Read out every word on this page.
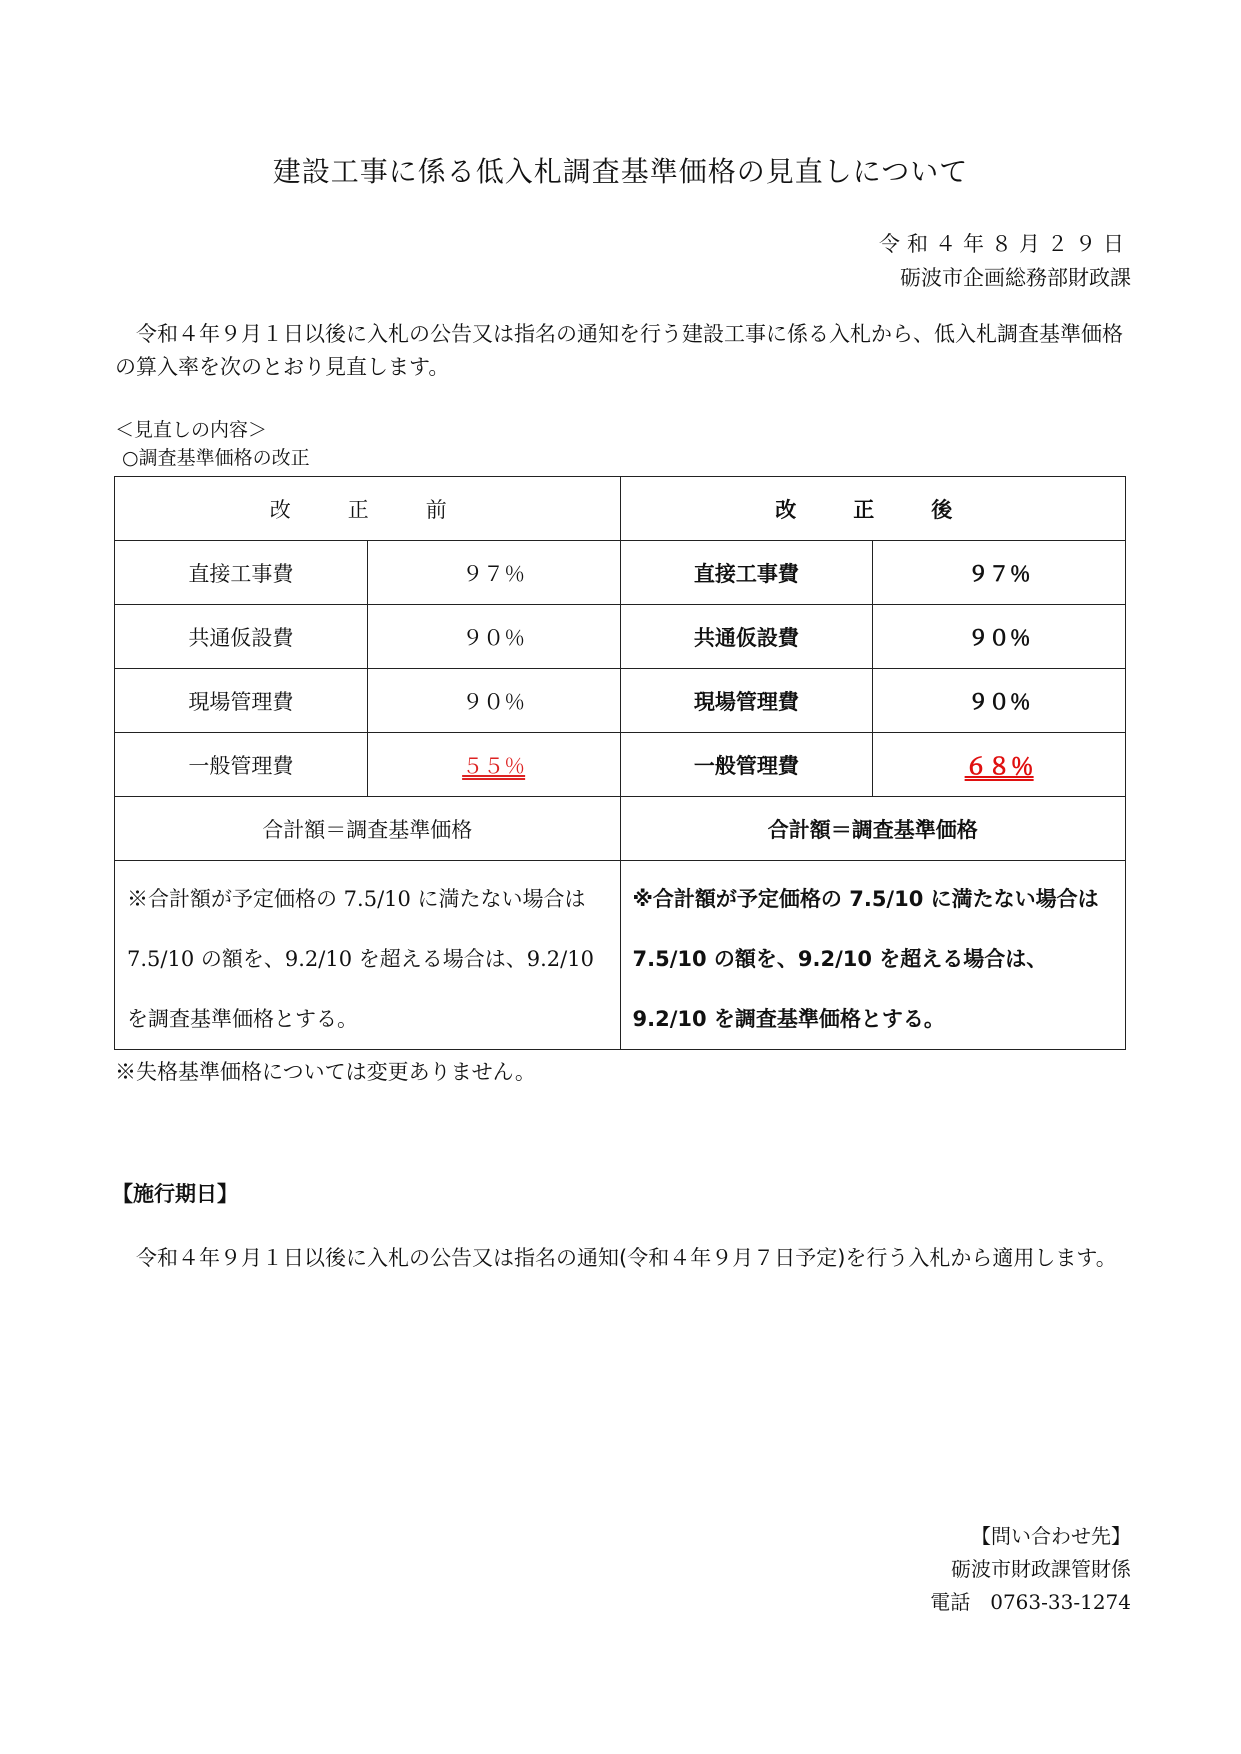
建設工事に係る低入札調査基準価格の見直しについて
令和４年８月２９日
砺波市企画総務部財政課

令和４年９月１日以後に入札の公告又は指名の通知を行う建設工事に係る入札から、低入札調査基準価格の算入率を次のとおり見直します。

＜見直しの内容＞
○調査基準価格の改正
改　正　前		改　正　後	
直接工事費	９７％	直接工事費	９７％
共通仮設費	９０％	共通仮設費	９０％
現場管理費	９０％	現場管理費	９０％
一般管理費	５５％	一般管理費	６８％
合計額＝調査基準価格		合計額＝調査基準価格	
※合計額が予定価格の 7.5/10 に満たない場合は 7.5/10 の額を、9.2/10 を超える場合は、9.2/10 を調査基準価格とする。		※合計額が予定価格の 7.5/10 に満たない場合は 7.5/10 の額を、9.2/10 を超える場合は、9.2/10 を調査基準価格とする。	
※失格基準価格については変更ありません。
【施行期日】

令和４年９月１日以後に入札の公告又は指名の通知(令和４年９月７日予定)を行う入札から適用します。

【問い合わせ先】
砺波市財政課管財係
電話　0763-33-1274
